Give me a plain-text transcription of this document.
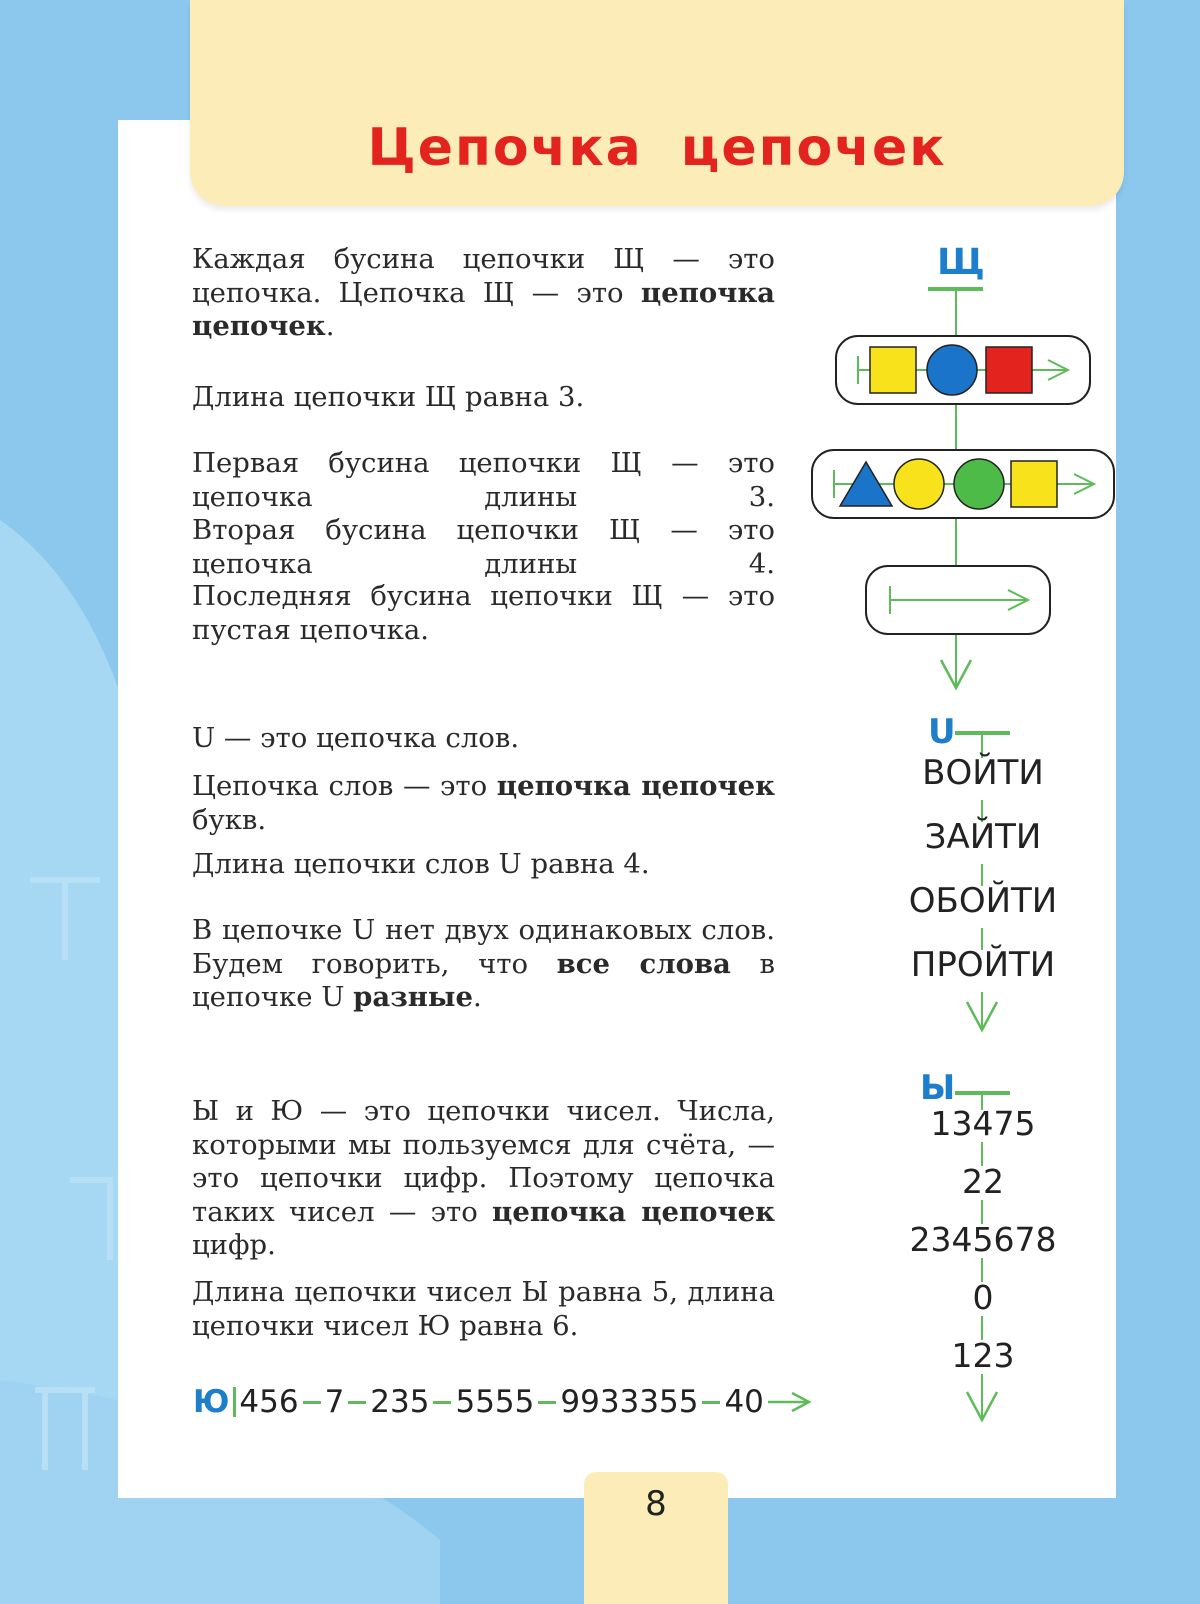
Цепочка цепочек

Каждая бусина цепочки Щ — это цепочка. Цепочка Щ — это цепочка цепочек.

Длина цепочки Щ равна 3.

Первая бусина цепочки Щ — это цепочка длины 3.

Вторая бусина цепочки Щ — это цепочка длины 4.

Последняя бусина цепочки Щ — это пустая цепочка.

U — это цепочка слов.

Цепочка слов — это цепочка цепочек букв.

Длина цепочки слов U равна 4.

В цепочке U нет двух одинаковых слов. Будем говорить, что все слова в цепочке U разные.

Ы и Ю — это цепочки чисел. Числа, которыми мы пользуемся для счёта, — это цепочки цифр. Поэтому цепочка таких чисел — это цепочка цепочек цифр.

Длина цепочки чисел Ы равна 5, длина цепочки чисел Ю равна 6.

Щ
U
ВОЙТИ
ЗАЙТИ
ОБОЙТИ
ПРОЙТИ
Ы
13475
22
2345678
0
123
Ю 456 7 235 5555 9933355 40
8
